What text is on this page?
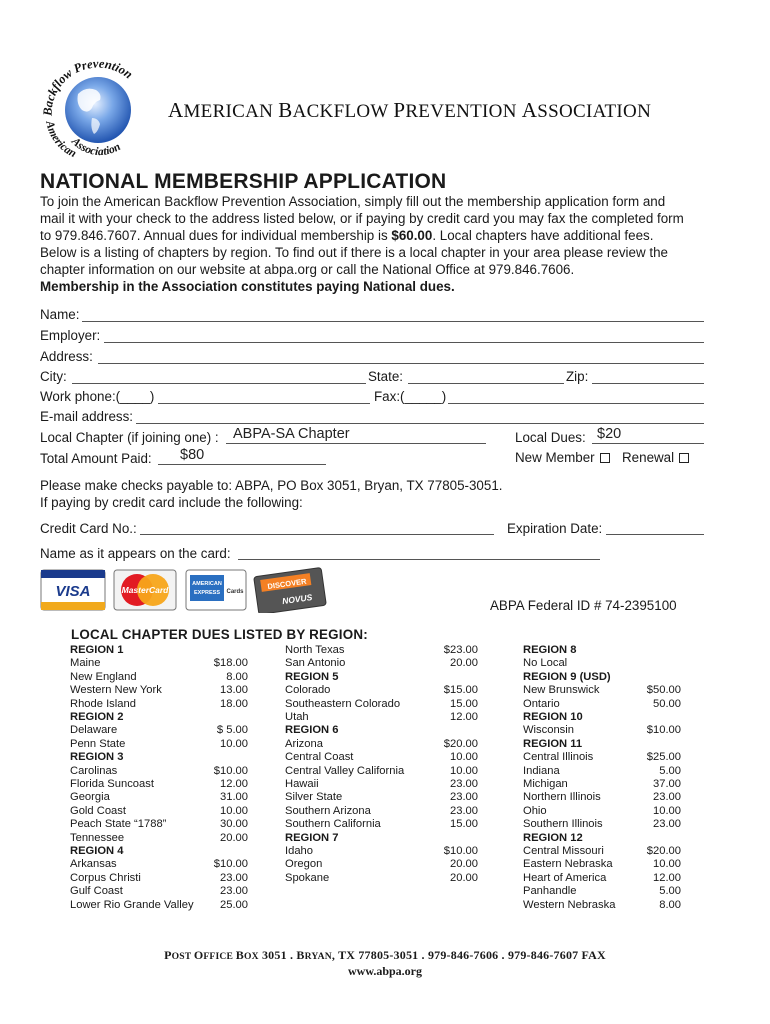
Backflow Prevention
Association
American
AMERICAN BACKFLOW PREVENTION ASSOCIATION
NATIONAL MEMBERSHIP APPLICATION

To join the American Backflow Prevention Association, simply fill out the membership application form and

mail it with your check to the address listed below, or if paying by credit card you may fax the completed form

to 979.846.7607. Annual dues for individual membership is $60.00. Local chapters have additional fees.

Below is a listing of chapters by region. To find out if there is a local chapter in your area please review the

chapter information on our website at abpa.org or call the National Office at 979.846.7606.

Membership in the Association constitutes paying National dues.

Name:
Employer:
Address:
City:	State:	Zip:
Work phone:(____)	Fax:(_____)
E-mail address:
Local Chapter (if joining one) : ABPA-SA Chapter	Local Dues: $20
Total Amount Paid: $80	New Member	Renewal
Please make checks payable to: ABPA, PO Box 3051, Bryan, TX 77805-3051.
If paying by credit card include the following:
Credit Card No.:	Expiration Date:
Name as it appears on the card:
VISA	MasterCard
AMERICAN
EXPRESS Cards
DISCOVER
NOVUS	ABPA Federal ID # 74-2395100
LOCAL CHAPTER DUES LISTED BY REGION:
REGION 1
Maine	$18.00
New England	8.00
Western New York	13.00
Rhode Island	18.00
REGION 2
Delaware	$ 5.00
Penn State	10.00
REGION 3
Carolinas	$10.00
Florida Suncoast	12.00
Georgia	31.00
Gold Coast	10.00
Peach State “1788”	30.00
Tennessee	20.00
REGION 4
Arkansas	$10.00
Corpus Christi	23.00
Gulf Coast	23.00
Lower Rio Grande Valley	25.00
North Texas	$23.00
San Antonio	20.00
REGION 5
Colorado	$15.00
Southeastern Colorado	15.00
Utah	12.00
REGION 6
Arizona	$20.00
Central Coast	10.00
Central Valley California	10.00
Hawaii	23.00
Silver State	23.00
Southern Arizona	23.00
Southern California	15.00
REGION 7
Idaho	$10.00
Oregon	20.00
Spokane	20.00
REGION 8
No Local
REGION 9 (USD)
New Brunswick	$50.00
Ontario	50.00
REGION 10
Wisconsin	$10.00
REGION 11
Central Illinois	$25.00
Indiana	5.00
Michigan	37.00
Northern Illinois	23.00
Ohio	10.00
Southern Illinois	23.00
REGION 12
Central Missouri	$20.00
Eastern Nebraska	10.00
Heart of America	12.00
Panhandle	5.00
Western Nebraska	8.00
POST OFFICE BOX 3051 . BRYAN, TX 77805-3051 . 979-846-7606 . 979-846-7607 FAX
www.abpa.org
